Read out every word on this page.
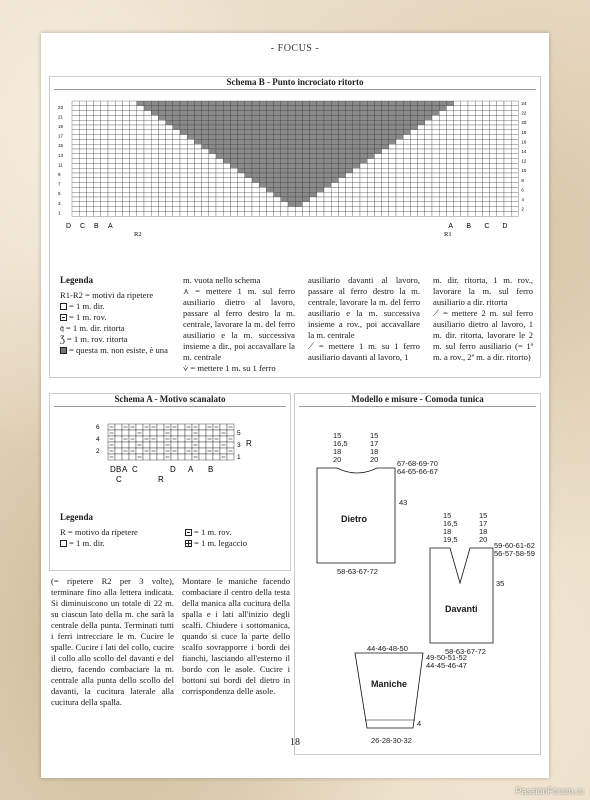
- FOCUS -
Schema B - Punto incrociato ritorto
23
21
19
17
15
13
11
9
7
5
3
1
24
22
20
18
16
14
12
10
8
6
4
2
D C B A	A B C D
R2	R1
Legenda
R1-R2 = motivi da ripetere
= 1 m. dir.
= 1 m. rov.
𝔮 = 1 m. dir. ritorta
Ʒ = 1 m. rov. ritorta
= questa m. non esiste, è una
m. vuota nello schema
⋏ = mettere 1 m. sul ferro ausiliario dietro al lavoro, passare al ferro destro la m. centrale, lavorare la m. del ferro ausiliario e la m. successiva insieme a dir., poi accavallare la m. centrale
⩒ = mettere 1 m. su 1 ferro
ausiliario davanti al lavoro, passare al ferro destro la m. centrale, lavorare la m. del ferro ausiliario e la m. successiva insieme a rov., poi accavallare la m. centrale
⟋ = mettere 1 m. su 1 ferro ausiliario davanti al lavoro, 1
m. dir. ritorta, 1 m. rov., lavorare la m. sul ferro ausiliario a dir. ritorta
⟋ = mettere 2 m. sul ferro ausiliario dietro al lavoro, 1 m. dir. ritorta, lavorare le 2 m. sul ferro ausiliario (= 1ª m. a rov., 2ª m. a dir. ritorto)
Schema A - Motivo scanalato
6
4
2
5
3
1
R
R
D B A C	D A B
C
Legenda
R = motivo da ripetere	= 1 m. rov.
= 1 m. dir.	= 1 m. legaccio
(= ripetere R2 per 3 volte), terminare fino alla lettera indicata. Si diminuiscono un totale di 22 m. su ciascun lato della m. che sarà la centrale della punta. Terminati tutti i ferri intrecciare le m. Cucire le spalle. Cucire i lati del collo, cucire il collo allo scollo del davanti e del dietro, facendo combaciare la m. centrale alla punta dello scollo del davanti, la cucitura laterale alla cucitura della spalla.
Montare le maniche facendo combaciare il centro della testa della manica alla cucitura della spalla e i lati all'inizio degli scalfi. Chiudere i sottomanica, quando si cuce la parte dello scalfo sovrapporre i bordi dei fianchi, lasciando all'esterno il bordo con le asole. Cucire i bottoni sui bordi del dietro in corrispondenza delle asole.
Modello e misure - Comoda tunica
Dietro
Davanti
Maniche
15
16,5
18
20
15
17
18
20 67-68-69-70
64-65-66-67
43
58-63-67-72
15
16,5
18
19,5
15
17
18
20
59-60-61-62
56-57-58-59
35
58-63-67-72
44-46-48-50
49-50-51-52
44-45-46-47
4
26-28-30-32
18
PassionForum.ru
